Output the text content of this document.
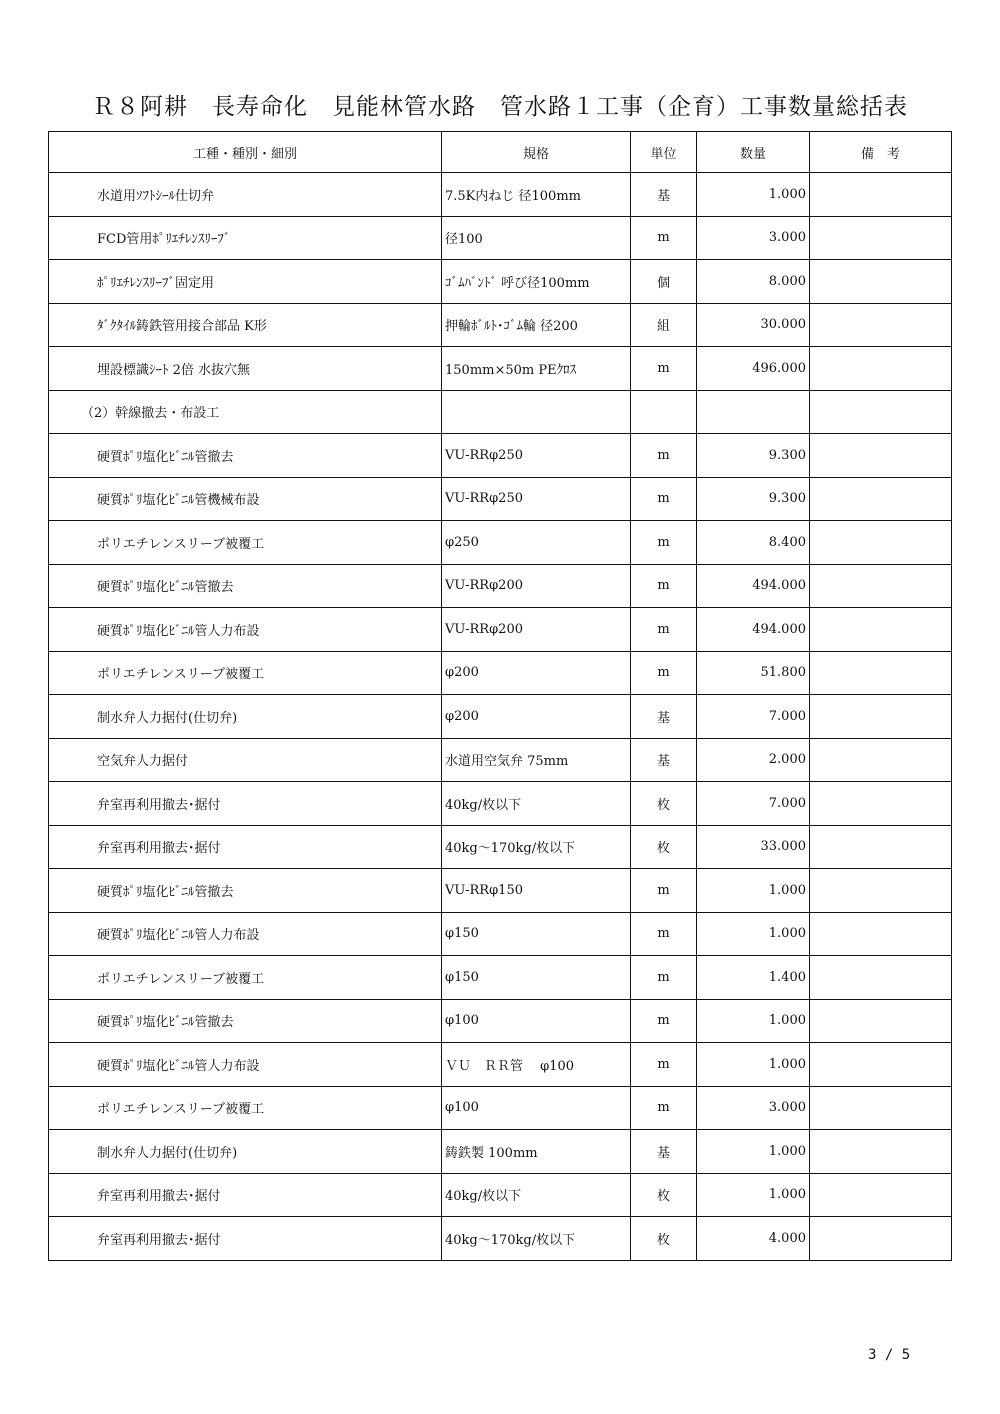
Ｒ８阿耕　長寿命化　見能林管水路　管水路１工事（企育）工事数量総括表
工種・種別・細別	規格	単位	数量	備　考
水道用ｿﾌﾄｼｰﾙ仕切弁	7.5K内ねじ 径100mm	基	1.000	
FCD管用ﾎﾟﾘｴﾁﾚﾝｽﾘｰﾌﾞ	径100	m	3.000	
ﾎﾟﾘｴﾁﾚﾝｽﾘｰﾌﾞ固定用	ｺﾞﾑﾊﾞﾝﾄﾞ 呼び径100mm	個	8.000	
ﾀﾞｸﾀｲﾙ鋳鉄管用接合部品 K形	押輪ﾎﾞﾙﾄ･ｺﾞﾑ輪 径200	組	30.000	
埋設標識ｼｰﾄ 2倍 水抜穴無	150mm×50m PEｸﾛｽ	m	496.000	
（2）幹線撤去・布設工				
硬質ﾎﾟﾘ塩化ﾋﾞﾆﾙ管撤去	VU-RRφ250	m	9.300	
硬質ﾎﾟﾘ塩化ﾋﾞﾆﾙ管機械布設	VU-RRφ250	m	9.300	
ポリエチレンスリーブ被覆工	φ250	m	8.400	
硬質ﾎﾟﾘ塩化ﾋﾞﾆﾙ管撤去	VU-RRφ200	m	494.000	
硬質ﾎﾟﾘ塩化ﾋﾞﾆﾙ管人力布設	VU-RRφ200	m	494.000	
ポリエチレンスリーブ被覆工	φ200	m	51.800	
制水弁人力据付(仕切弁)	φ200	基	7.000	
空気弁人力据付	水道用空気弁 75mm	基	2.000	
弁室再利用撤去･据付	40kg/枚以下	枚	7.000	
弁室再利用撤去･据付	40kg～170kg/枚以下	枚	33.000	
硬質ﾎﾟﾘ塩化ﾋﾞﾆﾙ管撤去	VU-RRφ150	m	1.000	
硬質ﾎﾟﾘ塩化ﾋﾞﾆﾙ管人力布設	φ150	m	1.000	
ポリエチレンスリーブ被覆工	φ150	m	1.400	
硬質ﾎﾟﾘ塩化ﾋﾞﾆﾙ管撤去	φ100	m	1.000	
硬質ﾎﾟﾘ塩化ﾋﾞﾆﾙ管人力布設	ＶＵ　ＲＲ管　 φ100	m	1.000	
ポリエチレンスリーブ被覆工	φ100	m	3.000	
制水弁人力据付(仕切弁)	鋳鉄製 100mm	基	1.000	
弁室再利用撤去･据付	40kg/枚以下	枚	1.000	
弁室再利用撤去･据付	40kg～170kg/枚以下	枚	4.000	
3 / 5
